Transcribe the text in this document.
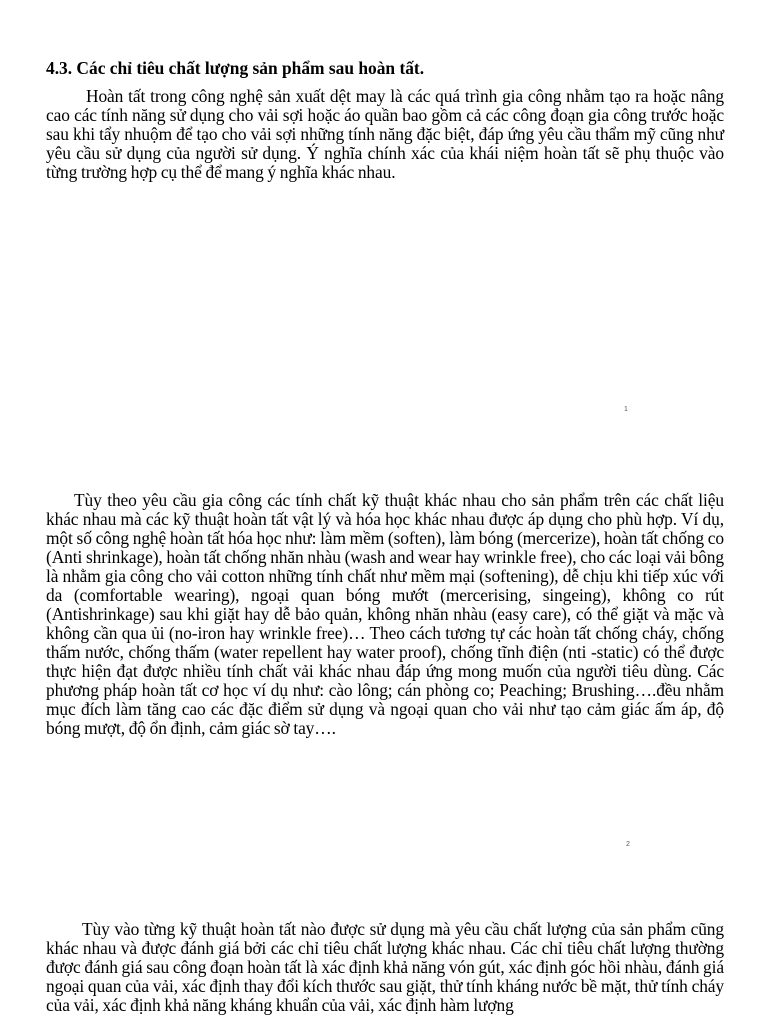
4.3. Các chỉ tiêu chất lượng sản phẩm sau hoàn tất.
Hoàn tất trong công nghệ sản xuất dệt may là các quá trình gia công nhằm tạo ra hoặc nâng cao các tính năng sử dụng cho vải sợi hoặc áo quần bao gồm cả các công đoạn gia công trước hoặc sau khi tẩy nhuộm để tạo cho vải sợi những tính năng đặc biệt, đáp ứng yêu cầu thẩm mỹ cũng như yêu cầu sử dụng của người sử dụng. Ý nghĩa chính xác của khái niệm hoàn tất sẽ phụ thuộc vào từng trường hợp cụ thể để mang ý nghĩa khác nhau.
1
Tùy theo yêu cầu gia công các tính chất kỹ thuật khác nhau cho sản phẩm trên các chất liệu khác nhau mà các kỹ thuật hoàn tất vật lý và hóa học khác nhau được áp dụng cho phù hợp. Ví dụ, một số công nghệ hoàn tất hóa học như: làm mềm (soften), làm bóng (mercerize), hoàn tất chống co (Anti shrinkage), hoàn tất chống nhăn nhàu (wash and wear hay wrinkle free), cho các loại vải bông là nhằm gia công cho vải cotton những tính chất như mềm mại (softening), dễ chịu khi tiếp xúc với da (comfortable wearing), ngoại quan bóng mướt (mercerising, singeing), không co rút (Antishrinkage) sau khi giặt hay dễ bảo quản, không nhăn nhàu (easy care), có thể giặt và mặc và không cần qua ủi (no-iron hay wrinkle free)… Theo cách tương tự các hoàn tất chống cháy, chống thấm nước, chống thấm (water repellent hay water proof), chống tĩnh điện (nti -static) có thể được thực hiện đạt được nhiều tính chất vải khác nhau đáp ứng mong muốn của người tiêu dùng. Các phương pháp hoàn tất cơ học ví dụ như: cào lông; cán phòng co; Peaching; Brushing….đều nhằm mục đích làm tăng cao các đặc điểm sử dụng và ngoại quan cho vải như tạo cảm giác ấm áp, độ bóng mượt, độ ổn định, cảm giác sờ tay….
2
Tùy vào từng kỹ thuật hoàn tất nào được sử dụng mà yêu cầu chất lượng của sản phẩm cũng khác nhau và được đánh giá bởi các chỉ tiêu chất lượng khác nhau. Các chỉ tiêu chất lượng thường được đánh giá sau công đoạn hoàn tất là xác định khả năng vón gút, xác định góc hồi nhàu, đánh giá ngoại quan của vải, xác định thay đổi kích thước sau giặt, thử tính kháng nước bề mặt, thử tính cháy của vải, xác định khả năng kháng khuẩn của vải, xác định hàm lượng
